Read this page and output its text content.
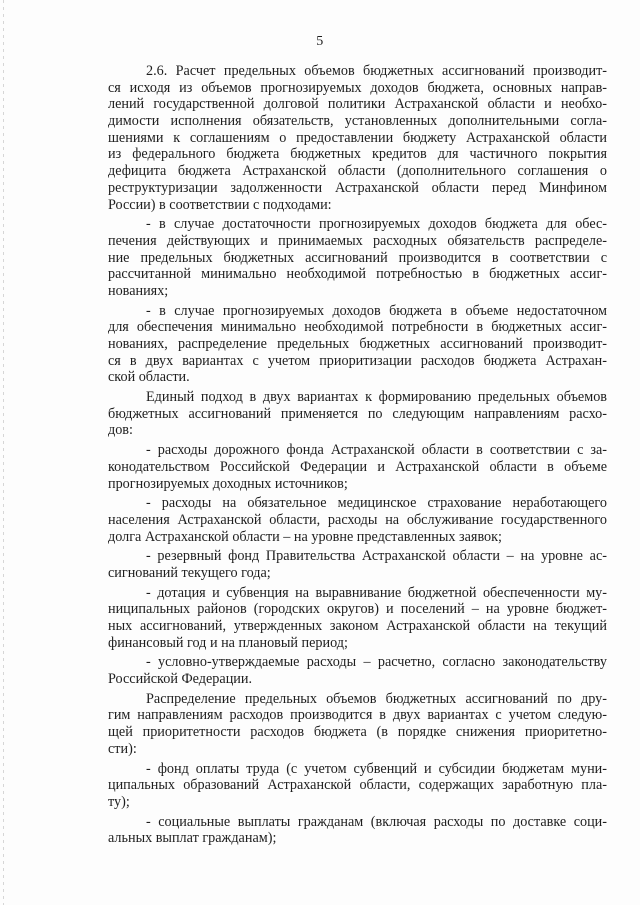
5
2.6. Расчет предельных объемов бюджетных ассигнований производит-
ся исходя из объемов прогнозируемых доходов бюджета, основных направ-
лений государственной долговой политики Астраханской области и необхо-
димости исполнения обязательств, установленных дополнительными согла-
шениями к соглашениям о предоставлении бюджету Астраханской области
из федерального бюджета бюджетных кредитов для частичного покрытия
дефицита бюджета Астраханской области (дополнительного соглашения о
реструктуризации задолженности Астраханской области перед Минфином
России) в соответствии с подходами:
- в случае достаточности прогнозируемых доходов бюджета для обес-
печения действующих и принимаемых расходных обязательств распределе-
ние предельных бюджетных ассигнований производится в соответствии с
рассчитанной минимально необходимой потребностью в бюджетных ассиг-
нованиях;
- в случае прогнозируемых доходов бюджета в объеме недостаточном
для обеспечения минимально необходимой потребности в бюджетных ассиг-
нованиях, распределение предельных бюджетных ассигнований производит-
ся в двух вариантах с учетом приоритизации расходов бюджета Астрахан-
ской области.
Единый подход в двух вариантах к формированию предельных объемов
бюджетных ассигнований применяется по следующим направлениям расхо-
дов:
- расходы дорожного фонда Астраханской области в соответствии с за-
конодательством Российской Федерации и Астраханской области в объеме
прогнозируемых доходных источников;
- расходы на обязательное медицинское страхование неработающего
населения Астраханской области, расходы на обслуживание государственного
долга Астраханской области – на уровне представленных заявок;
- резервный фонд Правительства Астраханской области – на уровне ас-
сигнований текущего года;
- дотация и субвенция на выравнивание бюджетной обеспеченности му-
ниципальных районов (городских округов) и поселений – на уровне бюджет-
ных ассигнований, утвержденных законом Астраханской области на текущий
финансовый год и на плановый период;
- условно-утверждаемые расходы – расчетно, согласно законодательству
Российской Федерации.
Распределение предельных объемов бюджетных ассигнований по дру-
гим направлениям расходов производится в двух вариантах с учетом следую-
щей приоритетности расходов бюджета (в порядке снижения приоритетно-
сти):
- фонд оплаты труда (с учетом субвенций и субсидии бюджетам муни-
ципальных образований Астраханской области, содержащих заработную пла-
ту);
- социальные выплаты гражданам (включая расходы по доставке соци-
альных выплат гражданам);
